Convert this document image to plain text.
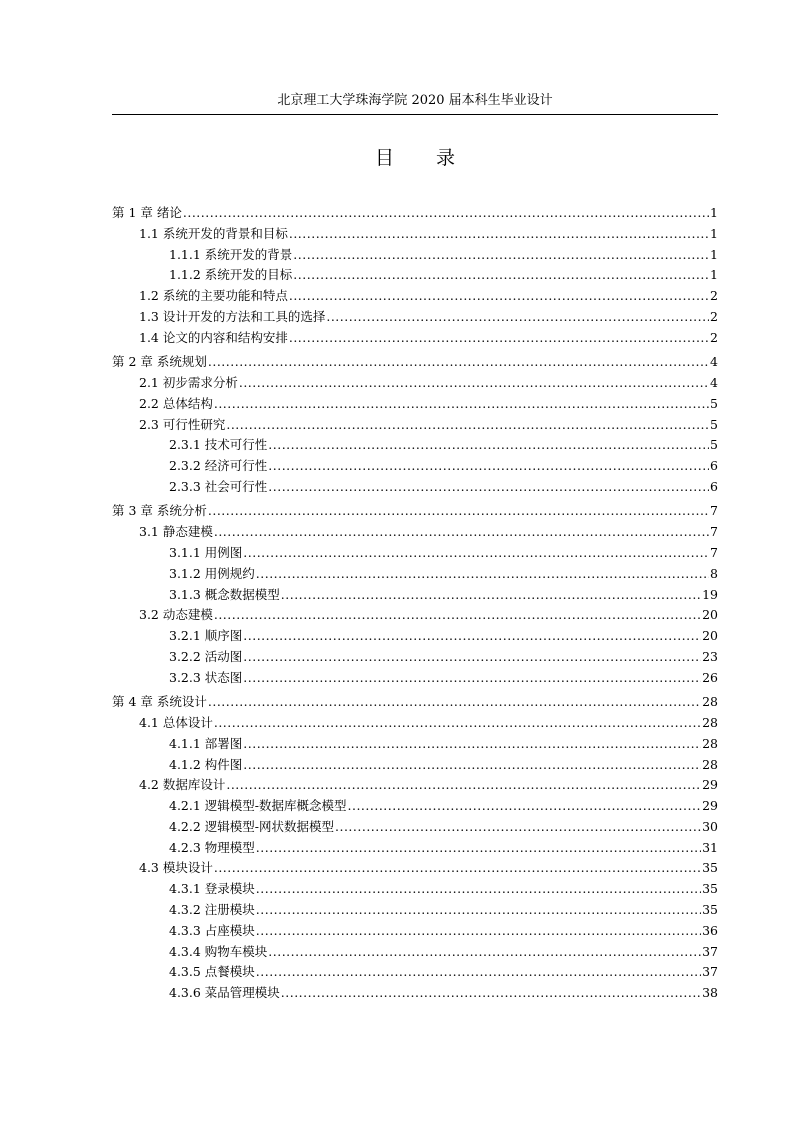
北京理工大学珠海学院 2020 届本科生毕业设计
目 录
第 1 章 绪论 .....	1
1.1 系统开发的背景和目标 .....	1
1.1.1 系统开发的背景 .....	1
1.1.2 系统开发的目标 .....	1
1.2 系统的主要功能和特点 .....	2
1.3 设计开发的方法和工具的选择 .....	2
1.4 论文的内容和结构安排 .....	2
第 2 章 系统规划 .....	4
2.1 初步需求分析 .....	4
2.2 总体结构 .....	5
2.3 可行性研究 .....	5
2.3.1 技术可行性 .....	5
2.3.2 经济可行性 .....	6
2.3.3 社会可行性 .....	6
第 3 章 系统分析 .....	7
3.1 静态建模 .....	7
3.1.1 用例图 .....	7
3.1.2 用例规约 .....	8
3.1.3 概念数据模型 .....	19
3.2 动态建模 .....	20
3.2.1 顺序图 .....	20
3.2.2 活动图 .....	23
3.2.3 状态图 .....	26
第 4 章 系统设计 .....	28
4.1 总体设计 .....	28
4.1.1 部署图 .....	28
4.1.2 构件图 .....	28
4.2 数据库设计 .....	29
4.2.1 逻辑模型-数据库概念模型 .....	29
4.2.2 逻辑模型-网状数据模型 .....	30
4.2.3 物理模型 .....	31
4.3 模块设计 .....	35
4.3.1 登录模块 .....	35
4.3.2 注册模块 .....	35
4.3.3 占座模块 .....	36
4.3.4 购物车模块 .....	37
4.3.5 点餐模块 .....	37
4.3.6 菜品管理模块 .....	38
